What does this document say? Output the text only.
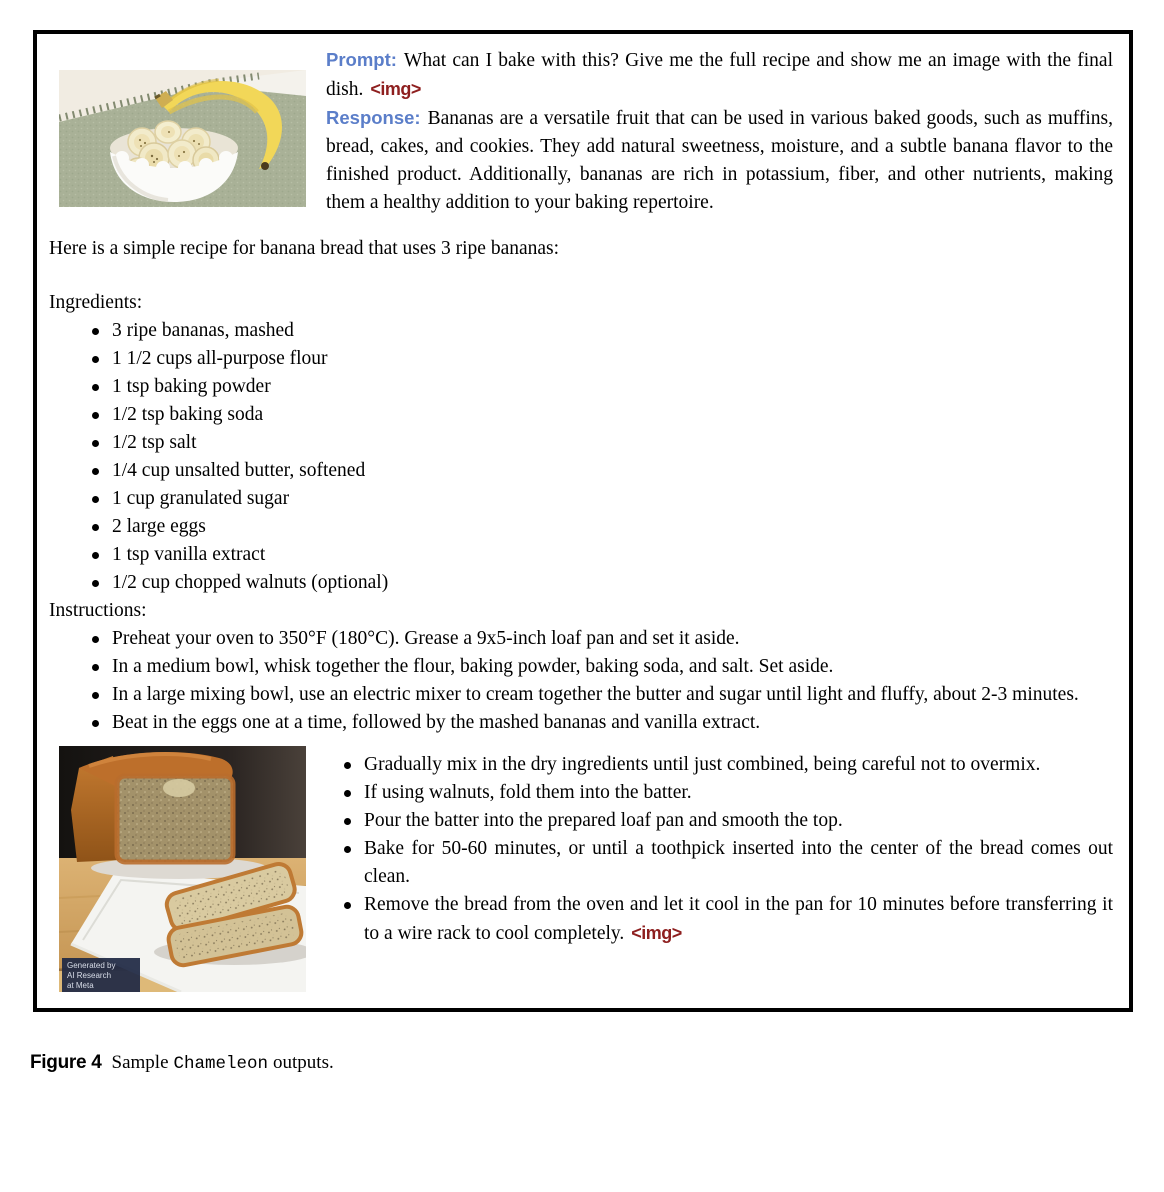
Prompt: What can I bake with this? Give me the full recipe and show me an image with the final dish. <img>

Response: Bananas are a versatile fruit that can be used in various baked goods, such as muffins, bread, cakes, and cookies. They add natural sweetness, moisture, and a subtle banana flavor to the finished product. Additionally, bananas are rich in potassium, fiber, and other nutrients, making them a healthy addition to your baking repertoire.

Here is a simple recipe for banana bread that uses 3 ripe bananas:

Ingredients:

3 ripe bananas, mashed
1 1/2 cups all-purpose flour
1 tsp baking powder
1/2 tsp baking soda
1/2 tsp salt
1/4 cup unsalted butter, softened
1 cup granulated sugar
2 large eggs
1 tsp vanilla extract
1/2 cup chopped walnuts (optional)

Instructions:

Preheat your oven to 350°F (180°C). Grease a 9x5-inch loaf pan and set it aside.
In a medium bowl, whisk together the flour, baking powder, baking soda, and salt. Set aside.
In a large mixing bowl, use an electric mixer to cream together the butter and sugar until light and fluffy, about 2-3 minutes.
Beat in the eggs one at a time, followed by the mashed bananas and vanilla extract.
Generated by
AI Research
at Meta
Gradually mix in the dry ingredients until just combined, being careful not to overmix.
If using walnuts, fold them into the batter.
Pour the batter into the prepared loaf pan and smooth the top.
Bake for 50-60 minutes, or until a toothpick inserted into the center of the bread comes out clean.
Remove the bread from the oven and let it cool in the pan for 10 minutes before transferring it to a wire rack to cool completely. <img>

Figure 4 Sample Chameleon outputs.
